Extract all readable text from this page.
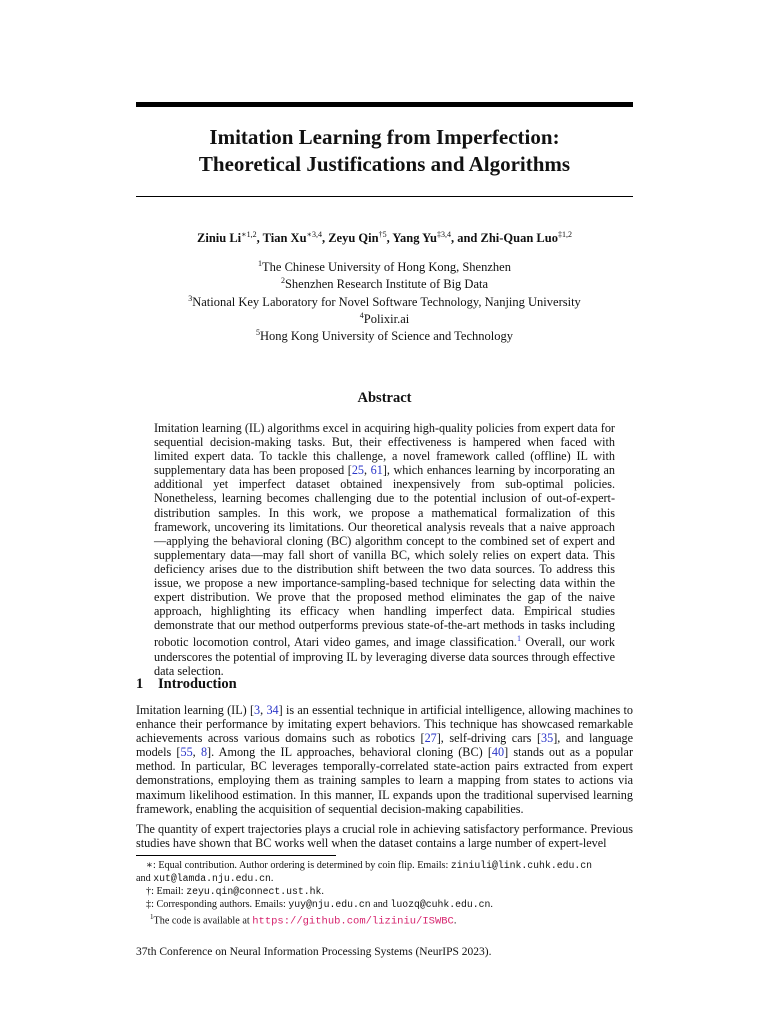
Imitation Learning from Imperfection:
Theoretical Justifications and Algorithms
Ziniu $Li^{∗1,2}$, Tian $Xu^{∗3,4}$, Zeyu Qin$^{\dagger 5}$, Yang Yu$^{\ddagger 3,4}$, and Zhi-Quan Luo$^{\ddagger 1,2}$
$^1$The Chinese University of Hong Kong, Shenzhen
$^2$Shenzhen Research Institute of Big Data
$^3$National Key Laboratory for Novel Software Technology, Nanjing University
$^4$Polixir.ai
$^5$Hong Kong University of Science and Technology
Abstract
Imitation learning (IL) algorithms excel in acquiring high-quality policies from expert data for sequential decision-making tasks. But, their effectiveness is hampered when faced with limited expert data. To tackle this challenge, a novel framework called (offline) IL with supplementary data has been proposed [25, 61], which enhances learning by incorporating an additional yet imperfect dataset obtained inexpensively from sub-optimal policies. Nonetheless, learning becomes challenging due to the potential inclusion of out-of-expert-distribution samples. In this work, we propose a mathematical formalization of this framework, uncovering its limitations. Our theoretical analysis reveals that a naive approach—applying the behavioral cloning (BC) algorithm concept to the combined set of expert and supplementary data—may fall short of vanilla BC, which solely relies on expert data. This deficiency arises due to the distribution shift between the two data sources. To address this issue, we propose a new importance-sampling-based technique for selecting data within the expert distribution. We prove that the proposed method eliminates the gap of the naive approach, highlighting its efficacy when handling imperfect data. Empirical studies demonstrate that our method outperforms previous state-of-the-art methods in tasks including robotic locomotion control, Atari video games, and image classification.$^1$ Overall, our work underscores the potential of improving IL by leveraging diverse data sources through effective data selection.
1 Introduction
Imitation learning (IL) [3, 34] is an essential technique in artificial intelligence, allowing machines to enhance their performance by imitating expert behaviors. This technique has showcased remarkable achievements across various domains such as robotics [27], self-driving cars [35], and language models [55, 8]. Among the IL approaches, behavioral cloning (BC) [40] stands out as a popular method. In particular, BC leverages temporally-correlated state-action pairs extracted from expert demonstrations, employing them as training samples to learn a mapping from states to actions via maximum likelihood estimation. In this manner, IL expands upon the traditional supervised learning framework, enabling the acquisition of sequential decision-making capabilities.
The quantity of expert trajectories plays a crucial role in achieving satisfactory performance. Previous studies have shown that BC works well when the dataset contains a large number of expert-level
∗: Equal contribution. Author ordering is determined by coin flip. Emails: ziniuli@link.cuhk.edu.cn
and xut@lamda.nju.edu.cn.
†: Email: zeyu.qin@connect.ust.hk.
‡: Corresponding authors. Emails: yuy@nju.edu.cn and luozq@cuhk.edu.cn.
$^1$The code is available at https://github.com/liziniu/ISWBC.
37th Conference on Neural Information Processing Systems (NeurIPS 2023).
